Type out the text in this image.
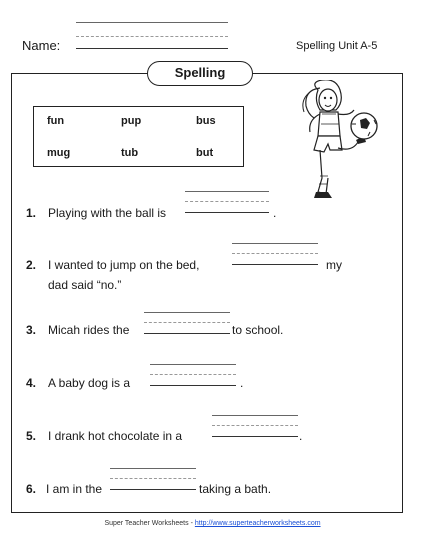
Name:	Spelling Unit A-5
Spelling
fun	pup	bus
mug	tub	but
1. Playing with the ball is	.
2. I wanted to jump on the bed,	my
dad said “no.”
3. Micah rides the	to school.
4. A baby dog is a	.
5. I drank hot chocolate in a	.
6. I am in the	taking a bath.
Super Teacher Worksheets - http://www.superteacherworksheets.com
